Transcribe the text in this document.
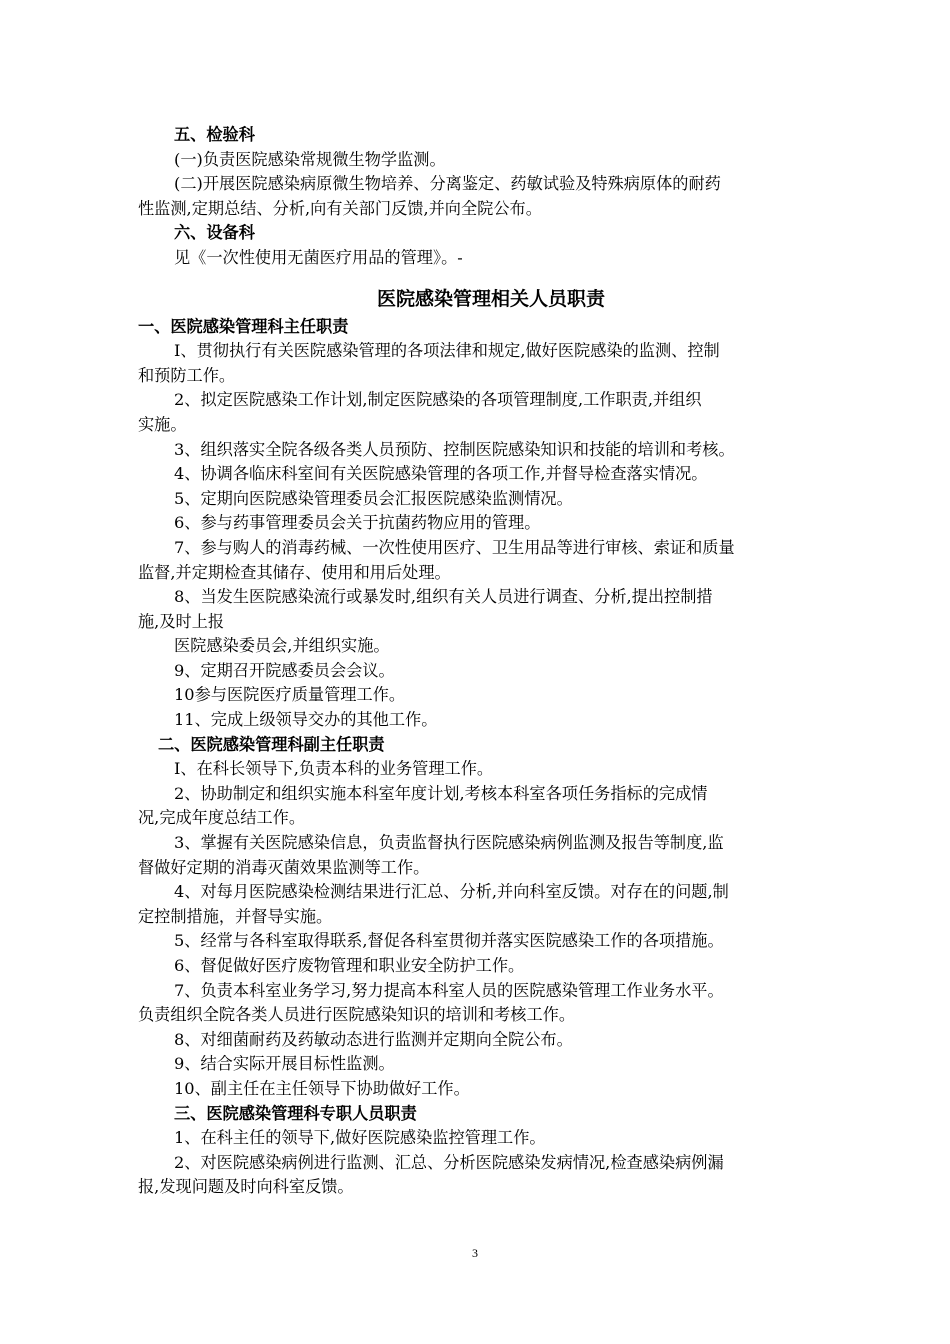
五、检验科
(一)负责医院感染常规微生物学监测。
(二)开展医院感染病原微生物培养、分离鉴定、药敏试验及特殊病原体的耐药
性监测,定期总结、分析,向有关部门反馈,并向全院公布。
六、设备科
见《一次性使用无菌医疗用品的管理》。-
医院感染管理相关人员职责
一、医院感染管理科主任职责
I、贯彻执行有关医院感染管理的各项法律和规定,做好医院感染的监测、控制
和预防工作。
2、拟定医院感染工作计划,制定医院感染的各项管理制度,工作职责,并组织
实施。
3、组织落实全院各级各类人员预防、控制医院感染知识和技能的培训和考核。
4、协调各临床科室间有关医院感染管理的各项工作,并督导检查落实情况。
5、定期向医院感染管理委员会汇报医院感染监测情况。
6、参与药事管理委员会关于抗菌药物应用的管理。
7、参与购人的消毒药械、一次性使用医疗、卫生用品等进行审核、索证和质量
监督,并定期检查其储存、使用和用后处理。
8、当发生医院感染流行或暴发时,组织有关人员进行调查、分析,提出控制措
施,及时上报
医院感染委员会,并组织实施。
9、定期召开院感委员会会议。
10参与医院医疗质量管理工作。
11、完成上级领导交办的其他工作。
二、医院感染管理科副主任职责
I、在科长领导下,负责本科的业务管理工作。
2、协助制定和组织实施本科室年度计划,考核本科室各项任务指标的完成情
况,完成年度总结工作。
3、掌握有关医院感染信息，负责监督执行医院感染病例监测及报告等制度,监
督做好定期的消毒灭菌效果监测等工作。
4、对每月医院感染检测结果进行汇总、分析,并向科室反馈。对存在的问题,制
定控制措施，并督导实施。
5、经常与各科室取得联系,督促各科室贯彻并落实医院感染工作的各项措施。
6、督促做好医疗废物管理和职业安全防护工作。
7、负责本科室业务学习,努力提高本科室人员的医院感染管理工作业务水平。
负责组织全院各类人员进行医院感染知识的培训和考核工作。
8、对细菌耐药及药敏动态进行监测并定期向全院公布。
9、结合实际开展目标性监测。
10、副主任在主任领导下协助做好工作。
三、医院感染管理科专职人员职责
1、在科主任的领导下,做好医院感染监控管理工作。
2、对医院感染病例进行监测、汇总、分析医院感染发病情况,检查感染病例漏
报,发现问题及时向科室反馈。
3
